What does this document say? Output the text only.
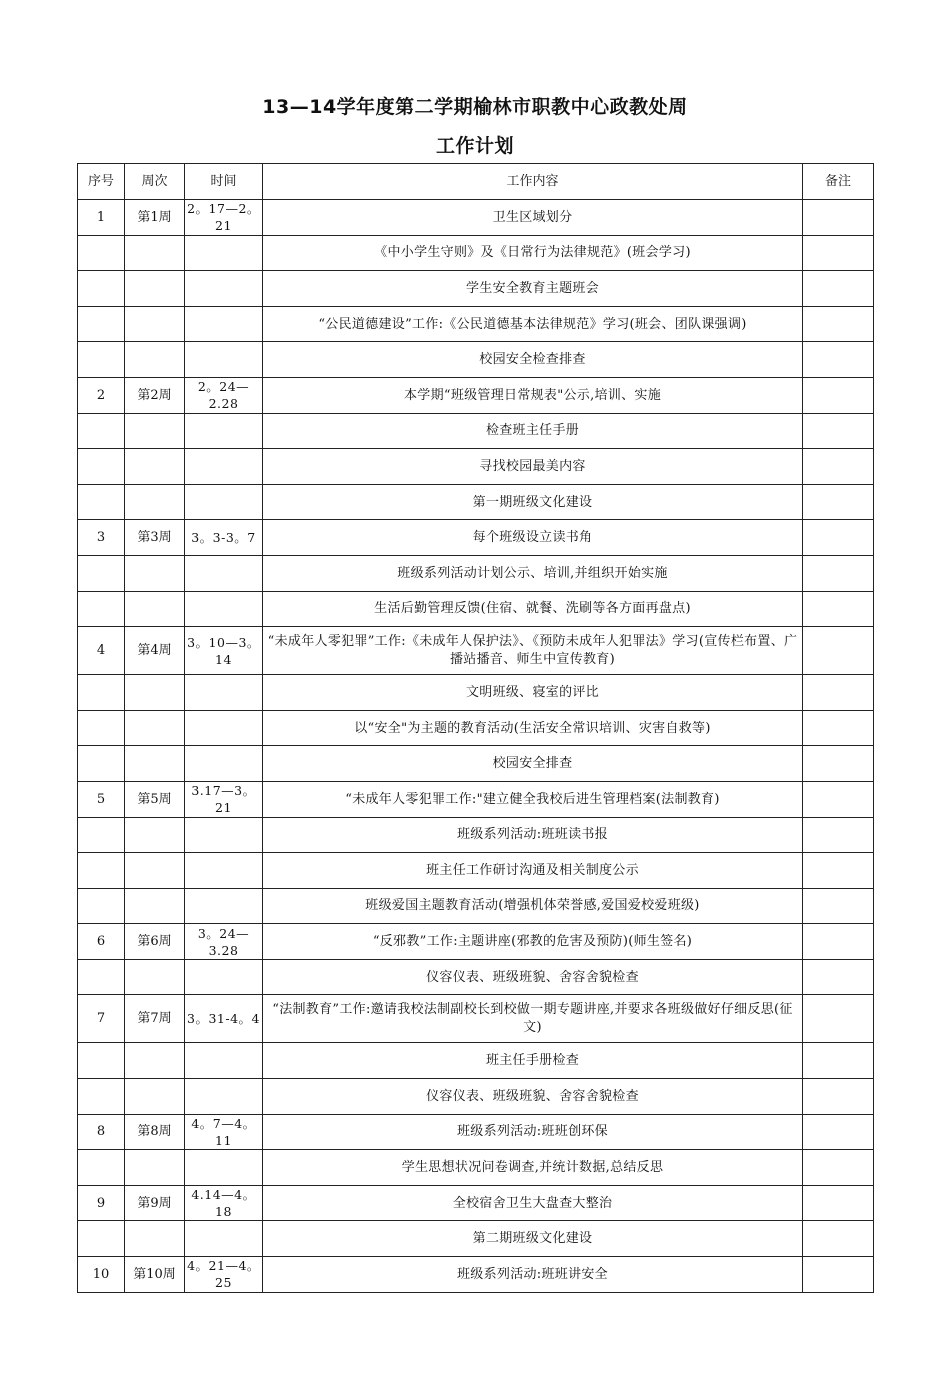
13—14学年度第二学期榆林市职教中心政教处周
工作计划
序号	周次	时间	工作内容	备注
1	第1周	2。17—2。21	卫生区域划分	
			《中小学生守则》及《日常行为法律规范》(班会学习)	
			学生安全教育主题班会	
			“公民道德建设”工作:《公民道德基本法律规范》学习(班会、团队课强调)	
			校园安全检查排查	
2	第2周	2。24—2.28	本学期“班级管理日常规表"公示,培训、实施	
			检查班主任手册	
			寻找校园最美内容	
			第一期班级文化建设	
3	第3周	3。3-3。7	每个班级设立读书角	
			班级系列活动计划公示、培训,并组织开始实施	
			生活后勤管理反馈(住宿、就餐、洗刷等各方面再盘点)	
4	第4周	3。10—3。14	“未成年人零犯罪”工作:《未成年人保护法》、《预防未成年人犯罪法》学习(宣传栏布置、广播站播音、师生中宣传教育)	
			文明班级、寝室的评比	
			以“安全"为主题的教育活动(生活安全常识培训、灾害自救等)	
			校园安全排查	
5	第5周	3.17—3。21	“未成年人零犯罪工作:"建立健全我校后进生管理档案(法制教育)	
			班级系列活动:班班读书报	
			班主任工作研讨沟通及相关制度公示	
			班级爱国主题教育活动(增强机体荣誉感,爱国爱校爱班级)	
6	第6周	3。24—3.28	“反邪教”工作:主题讲座(邪教的危害及预防)(师生签名)	
			仪容仪表、班级班貌、舍容舍貌检查	
7	第7周	3。31-4。4	“法制教育”工作:邀请我校法制副校长到校做一期专题讲座,并要求各班级做好仔细反思(征文)	
			班主任手册检查	
			仪容仪表、班级班貌、舍容舍貌检查	
8	第8周	4。7—4。11	班级系列活动:班班创环保	
			学生思想状况问卷调查,并统计数据,总结反思	
9	第9周	4.14—4。18	全校宿舍卫生大盘查大整治	
			第二期班级文化建设	
10	第10周	4。21—4。25	班级系列活动:班班讲安全	
